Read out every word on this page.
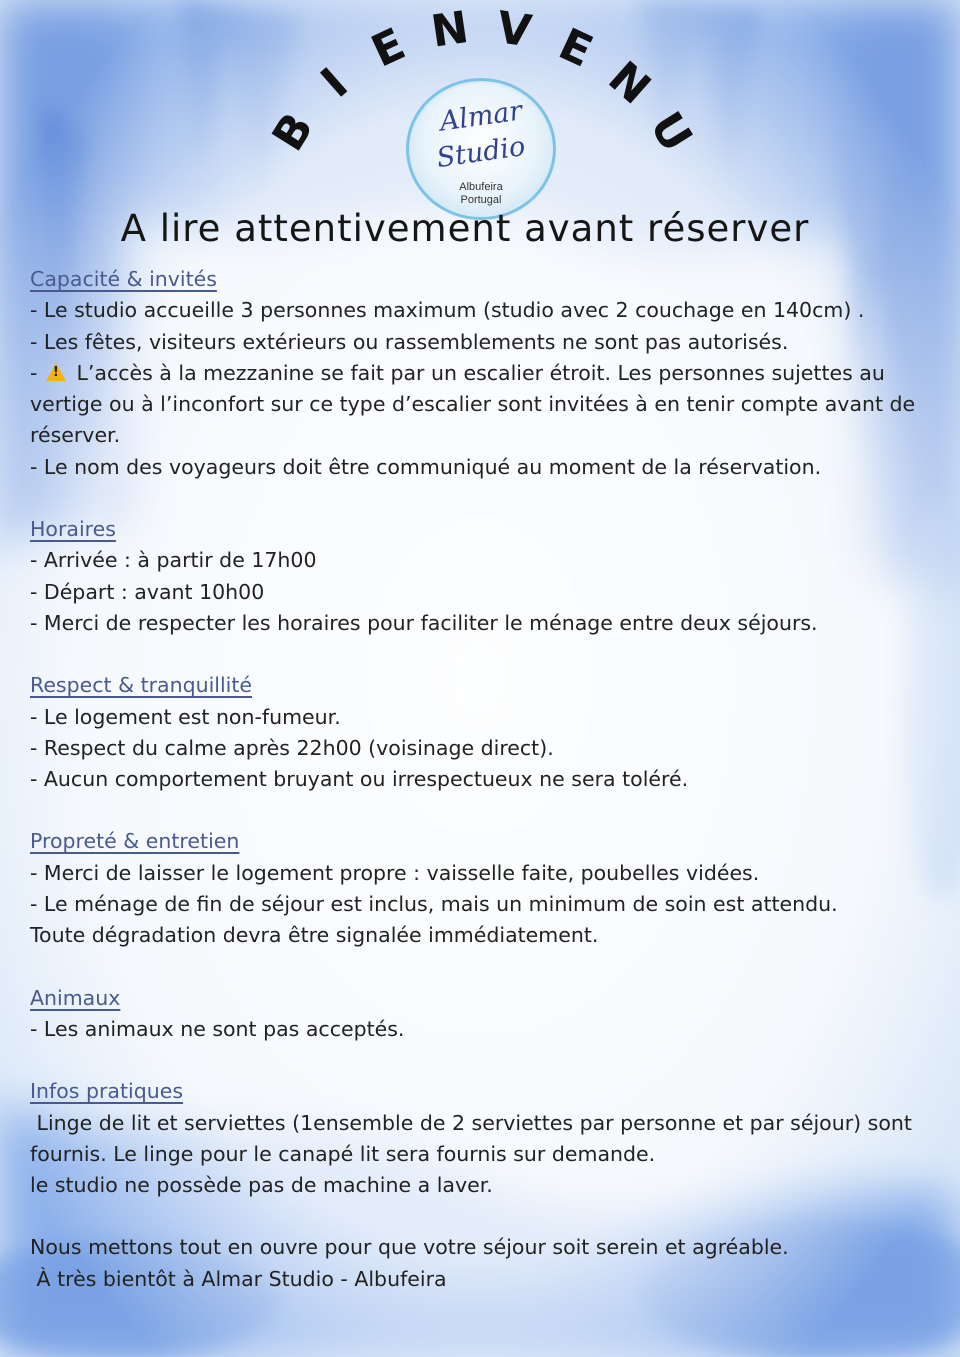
B
I
E N V E
N
U
Almar
Studio
Albufeira
Portugal
A lire attentivement avant réserver
Capacité & invités

- Le studio accueille 3 personnes maximum (studio avec 2 couchage en 140cm) .

- Les fêtes, visiteurs extérieurs ou rassemblements ne sont pas autorisés.

- ! L’accès à la mezzanine se fait par un escalier étroit. Les personnes sujettes au vertige ou à l’inconfort sur ce type d’escalier sont invitées à en tenir compte avant de réserver.

- Le nom des voyageurs doit être communiqué au moment de la réservation.

Horaires

- Arrivée : à partir de 17h00

- Départ : avant 10h00

- Merci de respecter les horaires pour faciliter le ménage entre deux séjours.

Respect & tranquillité

- Le logement est non-fumeur.

- Respect du calme après 22h00 (voisinage direct).

- Aucun comportement bruyant ou irrespectueux ne sera toléré.

Propreté & entretien

- Merci de laisser le logement propre : vaisselle faite, poubelles vidées.

- Le ménage de fin de séjour est inclus, mais un minimum de soin est attendu.

Toute dégradation devra être signalée immédiatement.

Animaux

- Les animaux ne sont pas acceptés.

Infos pratiques

Linge de lit et serviettes (1ensemble de 2 serviettes par personne et par séjour) sont fournis. Le linge pour le canapé lit sera fournis sur demande.

le studio ne possède pas de machine a laver.

Nous mettons tout en ouvre pour que votre séjour soit serein et agréable.

À très bientôt à Almar Studio - Albufeira
